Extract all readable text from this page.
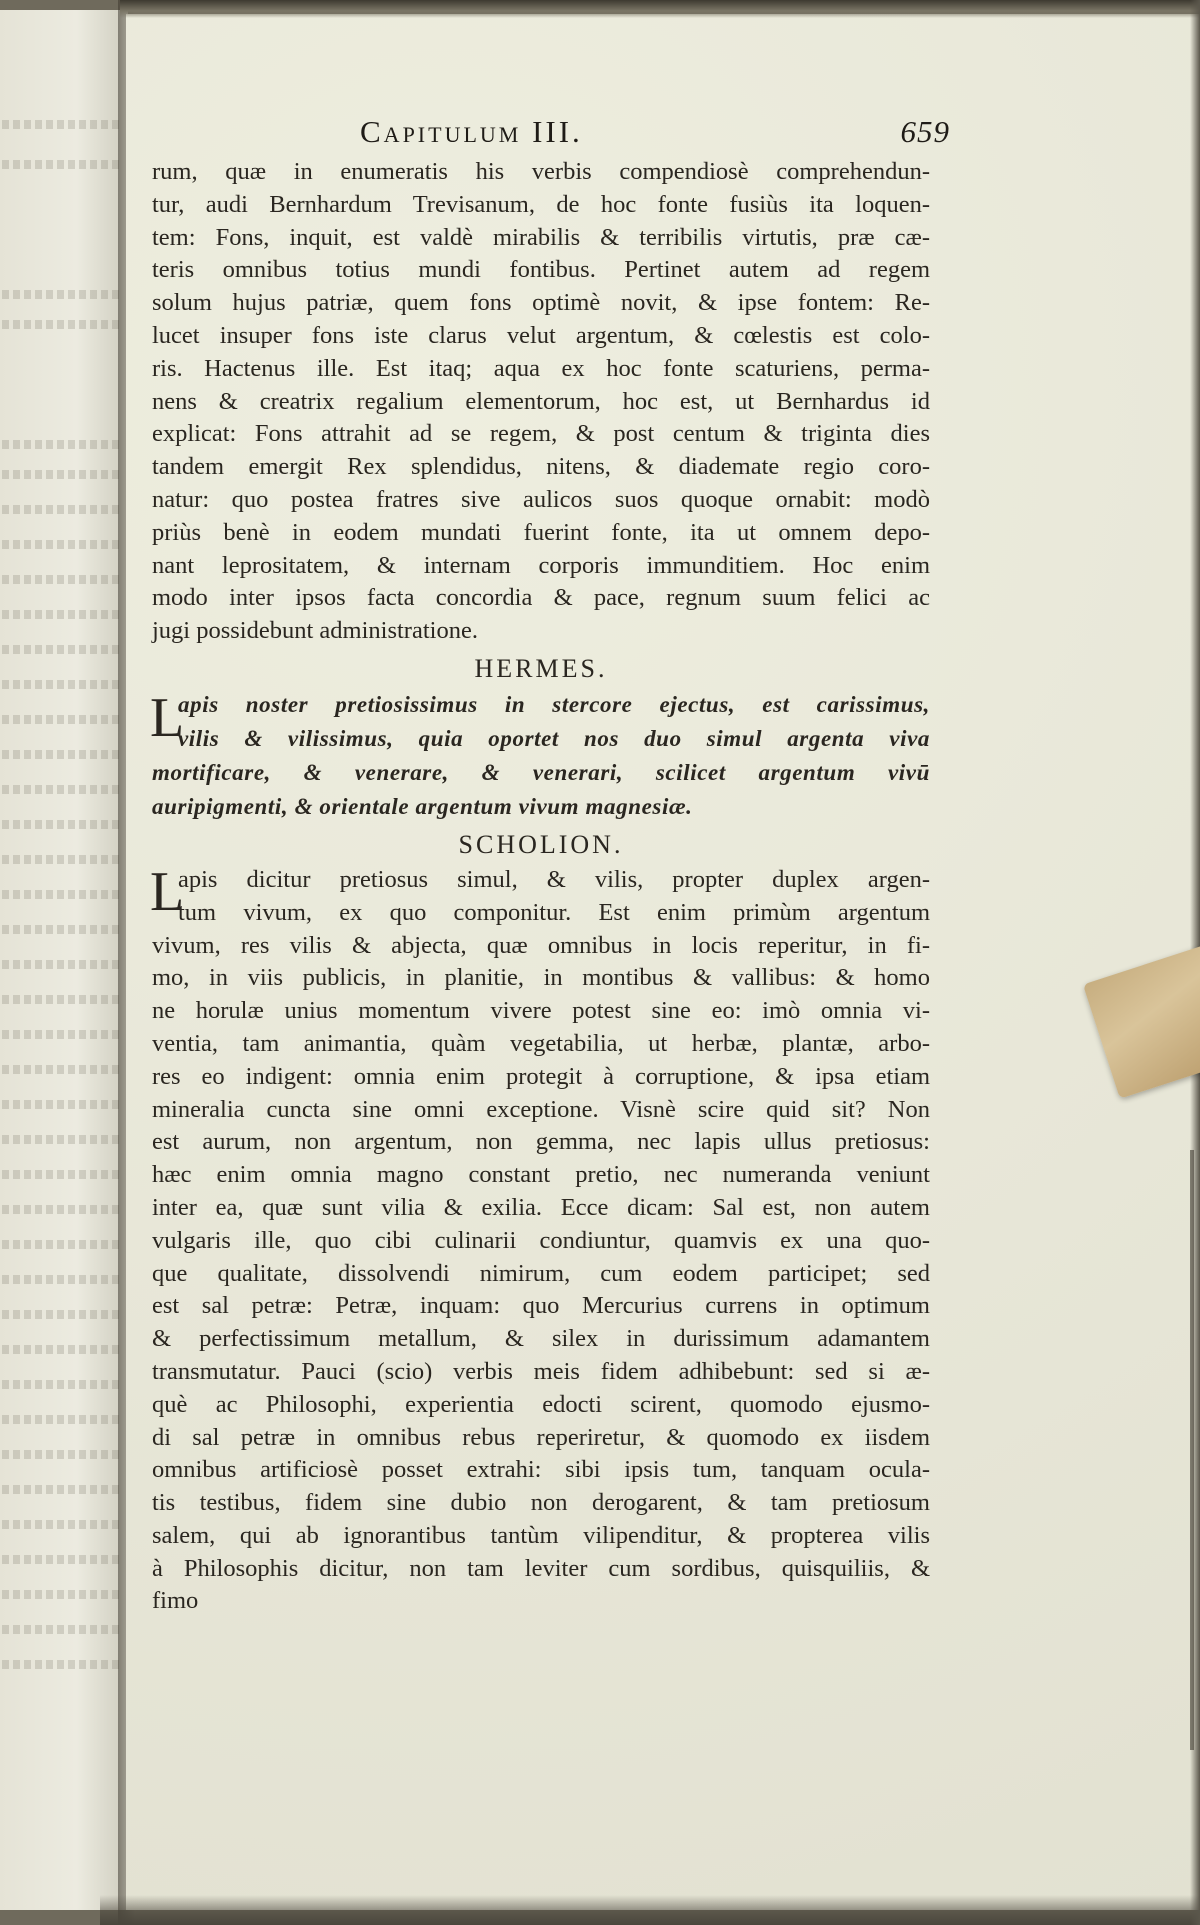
Capitulum III.	659
rum, quæ in enumeratis his verbis compendiosè comprehendun-
tur, audi Bernhardum Trevisanum, de hoc fonte fusiùs ita loquen-
tem: Fons, inquit, est valdè mirabilis & terribilis virtutis, præ cæ-
teris omnibus totius mundi fontibus. Pertinet autem ad regem
solum hujus patriæ, quem fons optimè novit, & ipse fontem: Re-
lucet insuper fons iste clarus velut argentum, & cœlestis est colo-
ris. Hactenus ille. Est itaq; aqua ex hoc fonte scaturiens, perma-
nens & creatrix regalium elementorum, hoc est, ut Bernhardus id
explicat: Fons attrahit ad se regem, & post centum & triginta dies
tandem emergit Rex splendidus, nitens, & diademate regio coro-
natur: quo postea fratres sive aulicos suos quoque ornabit: modò
priùs benè in eodem mundati fuerint fonte, ita ut omnem depo-
nant leprositatem, & internam corporis immunditiem. Hoc enim
modo inter ipsos facta concordia & pace, regnum suum felici ac
jugi possidebunt administratione.
HERMES.
L
apis noster pretiosissimus in stercore ejectus, est carissimus,
vilis & vilissimus, quia oportet nos duo simul argenta viva
mortificare, & venerare, & venerari, scilicet argentum vivū
auripigmenti, & orientale argentum vivum magnesiæ.
SCHOLION.
L
apis dicitur pretiosus simul, & vilis, propter duplex argen-
tum vivum, ex quo componitur. Est enim primùm argentum
vivum, res vilis & abjecta, quæ omnibus in locis reperitur, in fi-
mo, in viis publicis, in planitie, in montibus & vallibus: & homo
ne horulæ unius momentum vivere potest sine eo: imò omnia vi-
ventia, tam animantia, quàm vegetabilia, ut herbæ, plantæ, arbo-
res eo indigent: omnia enim protegit à corruptione, & ipsa etiam
mineralia cuncta sine omni exceptione. Visnè scire quid sit? Non
est aurum, non argentum, non gemma, nec lapis ullus pretiosus:
hæc enim omnia magno constant pretio, nec numeranda veniunt
inter ea, quæ sunt vilia & exilia. Ecce dicam: Sal est, non autem
vulgaris ille, quo cibi culinarii condiuntur, quamvis ex una quo-
que qualitate, dissolvendi nimirum, cum eodem participet; sed
est sal petræ: Petræ, inquam: quo Mercurius currens in optimum
& perfectissimum metallum, & silex in durissimum adamantem
transmutatur. Pauci (scio) verbis meis fidem adhibebunt: sed si æ-
què ac Philosophi, experientia edocti scirent, quomodo ejusmo-
di sal petræ in omnibus rebus reperiretur, & quomodo ex iisdem
omnibus artificiosè posset extrahi: sibi ipsis tum, tanquam ocula-
tis testibus, fidem sine dubio non derogarent, & tam pretiosum
salem, qui ab ignorantibus tantùm vilipenditur, & propterea vilis
à Philosophis dicitur, non tam leviter cum sordibus, quisquiliis, &
fimo
